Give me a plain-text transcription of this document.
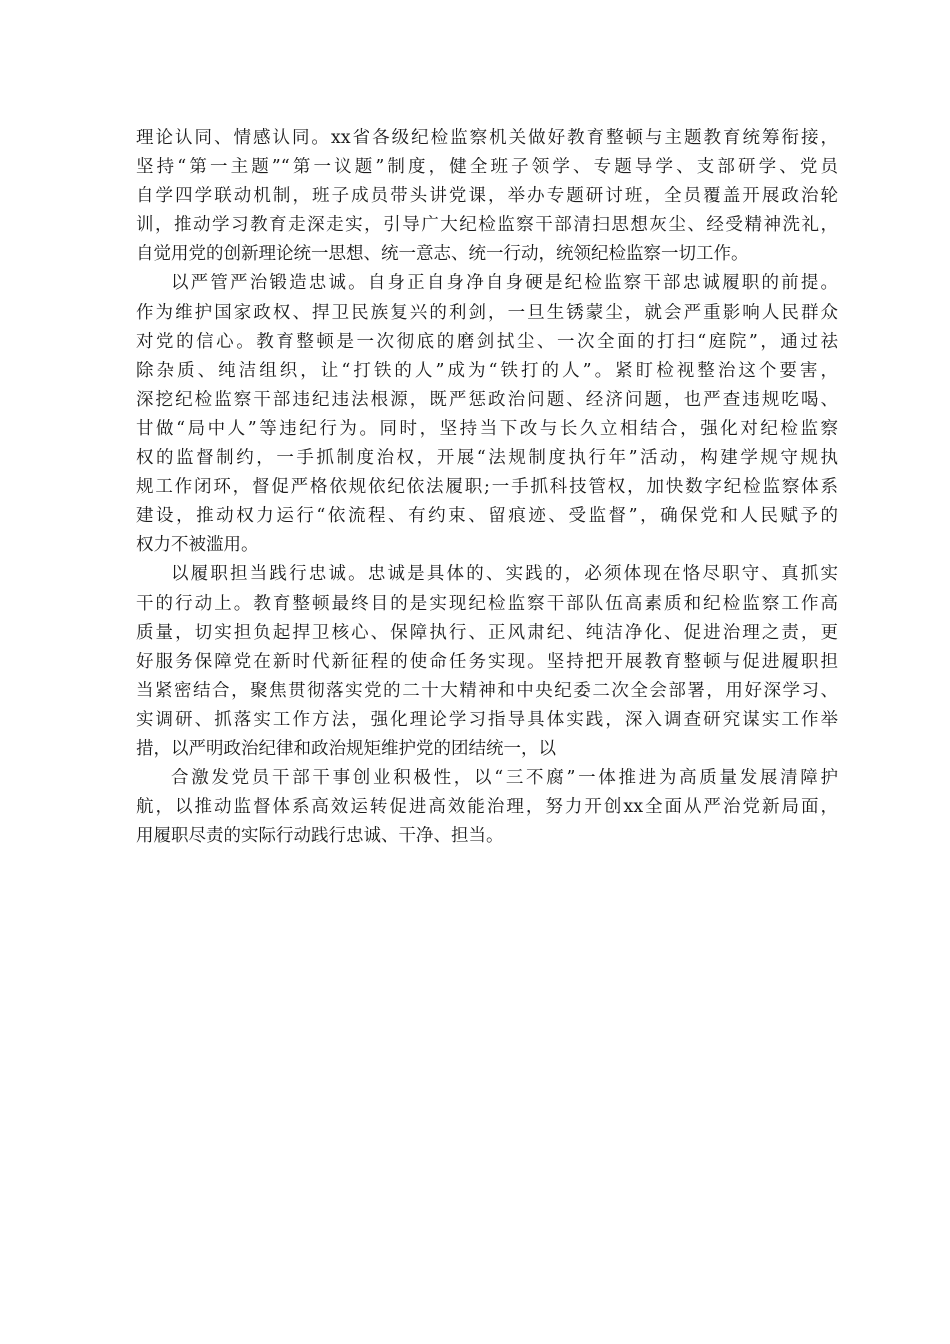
理论认同、情感认同。xx省各级纪检监察机关做好教育整顿与主题教育统筹衔接，
坚持“第一主题”“第一议题”制度，健全班子领学、专题导学、支部研学、党员
自学四学联动机制，班子成员带头讲党课，举办专题研讨班，全员覆盖开展政治轮
训，推动学习教育走深走实，引导广大纪检监察干部清扫思想灰尘、经受精神洗礼，
自觉用党的创新理论统一思想、统一意志、统一行动，统领纪检监察一切工作。
以严管严治锻造忠诚。自身正自身净自身硬是纪检监察干部忠诚履职的前提。
作为维护国家政权、捍卫民族复兴的利剑，一旦生锈蒙尘，就会严重影响人民群众
对党的信心。教育整顿是一次彻底的磨剑拭尘、一次全面的打扫“庭院”，通过祛
除杂质、纯洁组织，让“打铁的人”成为“铁打的人”。紧盯检视整治这个要害，
深挖纪检监察干部违纪违法根源，既严惩政治问题、经济问题，也严查违规吃喝、
甘做“局中人”等违纪行为。同时，坚持当下改与长久立相结合，强化对纪检监察
权的监督制约，一手抓制度治权，开展“法规制度执行年”活动，构建学规守规执
规工作闭环，督促严格依规依纪依法履职;一手抓科技管权，加快数字纪检监察体系
建设，推动权力运行“依流程、有约束、留痕迹、受监督”，确保党和人民赋予的
权力不被滥用。
以履职担当践行忠诚。忠诚是具体的、实践的，必须体现在恪尽职守、真抓实
干的行动上。教育整顿最终目的是实现纪检监察干部队伍高素质和纪检监察工作高
质量，切实担负起捍卫核心、保障执行、正风肃纪、纯洁净化、促进治理之责，更
好服务保障党在新时代新征程的使命任务实现。坚持把开展教育整顿与促进履职担
当紧密结合，聚焦贯彻落实党的二十大精神和中央纪委二次全会部署，用好深学习、
实调研、抓落实工作方法，强化理论学习指导具体实践，深入调查研究谋实工作举
措，以严明政治纪律和政治规矩维护党的团结统一，以
合激发党员干部干事创业积极性，以“三不腐”一体推进为高质量发展清障护
航，以推动监督体系高效运转促进高效能治理，努力开创xx全面从严治党新局面，
用履职尽责的实际行动践行忠诚、干净、担当。
